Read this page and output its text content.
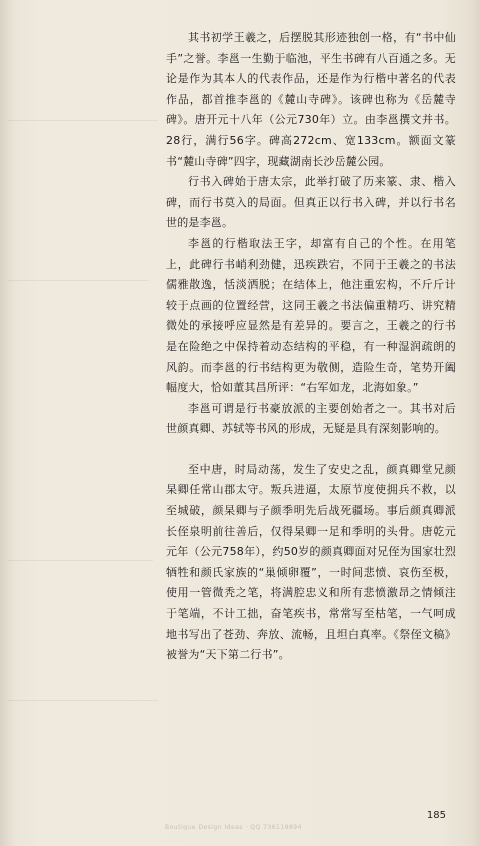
其书初学王羲之，后摆脱其形迹独创一格，有“书中仙手”之誉。李邕一生勤于临池，平生书碑有八百通之多。无论是作为其本人的代表作品，还是作为行楷中著名的代表作品，都首推李邕的《麓山寺碑》。该碑也称为《岳麓寺碑》。唐开元十八年（公元730年）立。由李邕撰文并书。28行，满行56字。碑高272cm、宽133cm。额面文篆书“麓山寺碑”四字，现藏湖南长沙岳麓公园。

行书入碑始于唐太宗，此举打破了历来篆、隶、楷入碑，而行书莫入的局面。但真正以行书入碑，并以行书名世的是李邕。

李邕的行楷取法王字，却富有自己的个性。在用笔上，此碑行书峭利劲健，迅疾跌宕，不同于王羲之的书法儒雅散逸，恬淡洒脱；在结体上，他注重宏构，不斤斤计较于点画的位置经营，这同王羲之书法偏重精巧、讲究精微处的承接呼应显然是有差异的。要言之，王羲之的行书是在险绝之中保持着动态结构的平稳，有一种湿润疏朗的风韵。而李邕的行书结构更为敬侧，造险生奇，笔势开阖幅度大，恰如董其昌所评：“右军如龙，北海如象。”

李邕可谓是行书豪放派的主要创始者之一。其书对后世颜真卿、苏轼等书风的形成，无疑是具有深刻影响的。

至中唐，时局动荡，发生了安史之乱，颜真卿堂兄颜杲卿任常山郡太守。叛兵进逼，太原节度使拥兵不救，以至城破，颜杲卿与子颜季明先后战死疆场。事后颜真卿派长侄泉明前往善后，仅得杲卿一足和季明的头骨。唐乾元元年（公元758年），约50岁的颜真卿面对兄侄为国家壮烈牺牲和颜氏家族的“巢倾卵覆”，一时间悲愤、哀伤至极，使用一管微秃之笔，将满腔忠义和所有悲愤激昂之情倾注于笔端，不计工拙，奋笔疾书，常常写至枯笔，一气呵成地书写出了苍劲、奔放、流畅，且坦白真率。《祭侄文稿》被誉为“天下第二行书”。

185
Boutique Design Ideas · QQ 736119894
